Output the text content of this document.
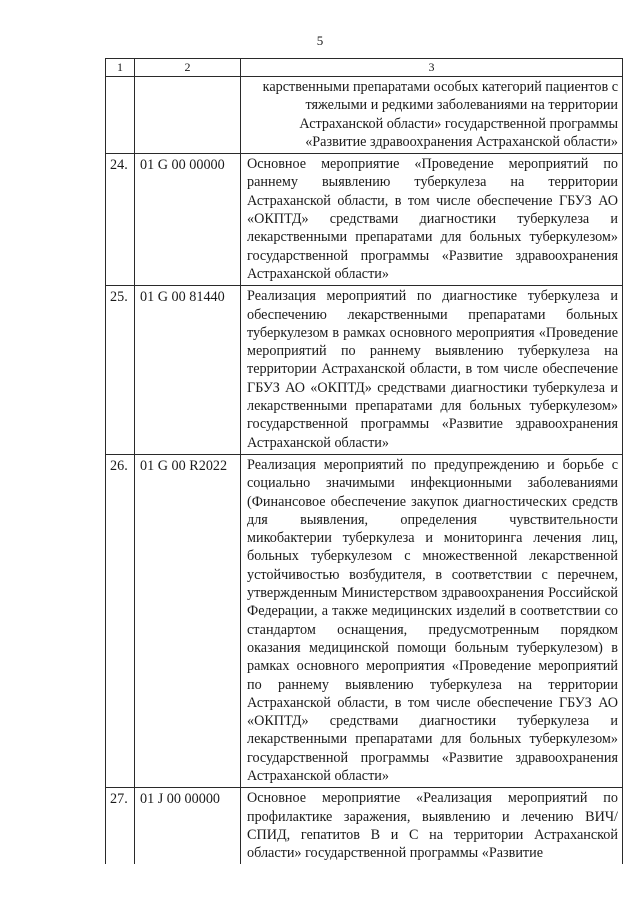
5
1	2	3
		карственными препаратами особых категорий пациентов с тяжелыми и редкими заболеваниями на территории Астраханской области» государственной программы «Развитие здравоохранения Астраханской области»
24.	01 G 00 00000	Основное мероприятие «Проведение мероприятий по раннему выявлению туберкулеза на территории Астраханской области, в том числе обеспечение ГБУЗ АО «ОКПТД» средствами диагностики туберкулеза и лекарственными препаратами для больных туберкулезом» государственной программы «Развитие здравоохранения Астраханской области»
25.	01 G 00 81440	Реализация мероприятий по диагностике туберкулеза и обеспечению лекарственными препаратами больных туберкулезом в рамках основного мероприятия «Проведение мероприятий по раннему выявлению туберкулеза на территории Астраханской области, в том числе обеспечение ГБУЗ АО «ОКПТД» средствами диагностики туберкулеза и лекарственными препаратами для больных туберкулезом» государственной программы «Развитие здравоохранения Астраханской области»
26.	01 G 00 R2022	Реализация мероприятий по предупреждению и борьбе с социально значимыми инфекционными заболеваниями (Финансовое обеспечение закупок диагностических средств для выявления, определения чувствительности микобактерии туберкулеза и мониторинга лечения лиц, больных туберкулезом с множественной лекарственной устойчивостью возбудителя, в соответствии с перечнем, утвержденным Министерством здравоохранения Российской Федерации, а также медицинских изделий в соответствии со стандартом оснащения, предусмотренным порядком оказания медицинской помощи больным туберкулезом) в рамках основного мероприятия «Проведение мероприятий по раннему выявлению туберкулеза на территории Астраханской области, в том числе обеспечение ГБУЗ АО «ОКПТД» средствами диагностики туберкулеза и лекарственными препаратами для больных туберкулезом» государственной программы «Развитие здравоохранения Астраханской области»
27.	01 J 00 00000	Основное мероприятие «Реализация мероприятий по профилактике заражения, выявлению и лечению ВИЧ/СПИД, гепатитов В и С на территории Астраханской области» государственной программы «Развитие
